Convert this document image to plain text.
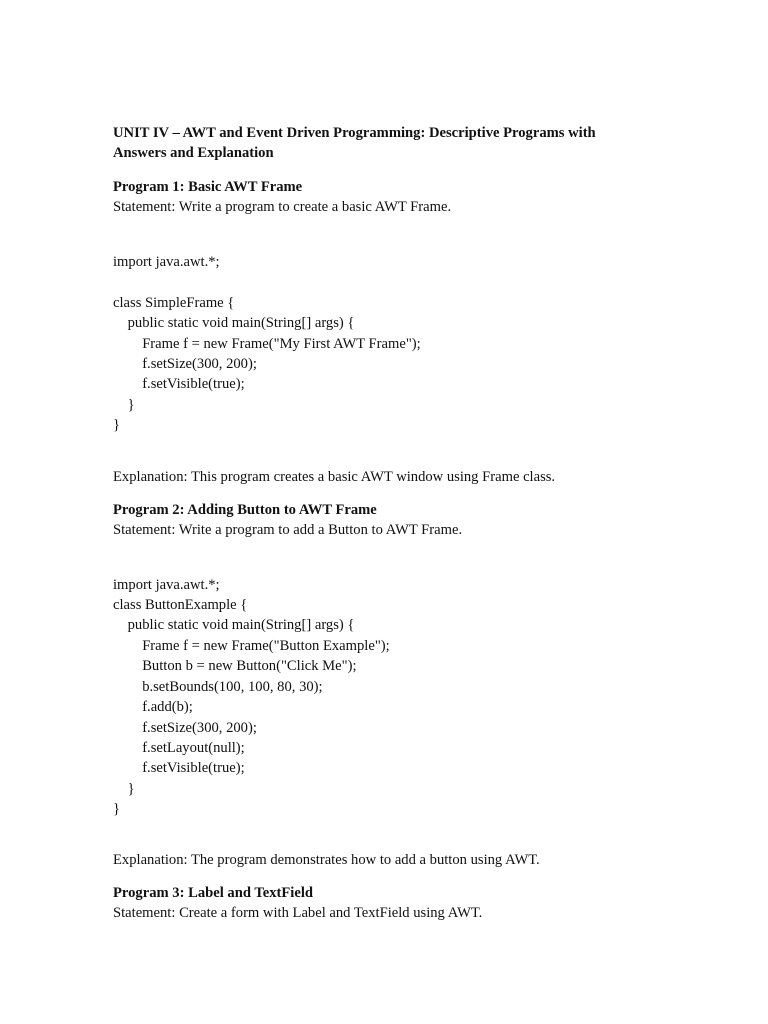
UNIT IV – AWT and Event Driven Programming: Descriptive Programs with

Answers and Explanation

Program 1: Basic AWT Frame

Statement: Write a program to create a basic AWT Frame.

import java.awt.*;

class SimpleFrame {
public static void main(String[] args) {
Frame f = new Frame("My First AWT Frame");
f.setSize(300, 200);
f.setVisible(true);
}
}

Explanation: This program creates a basic AWT window using Frame class.

Program 2: Adding Button to AWT Frame

Statement: Write a program to add a Button to AWT Frame.

import java.awt.*;
class ButtonExample {
public static void main(String[] args) {
Frame f = new Frame("Button Example");
Button b = new Button("Click Me");
b.setBounds(100, 100, 80, 30);
f.add(b);
f.setSize(300, 200);
f.setLayout(null);
f.setVisible(true);
}
}

Explanation: The program demonstrates how to add a button using AWT.

Program 3: Label and TextField

Statement: Create a form with Label and TextField using AWT.
